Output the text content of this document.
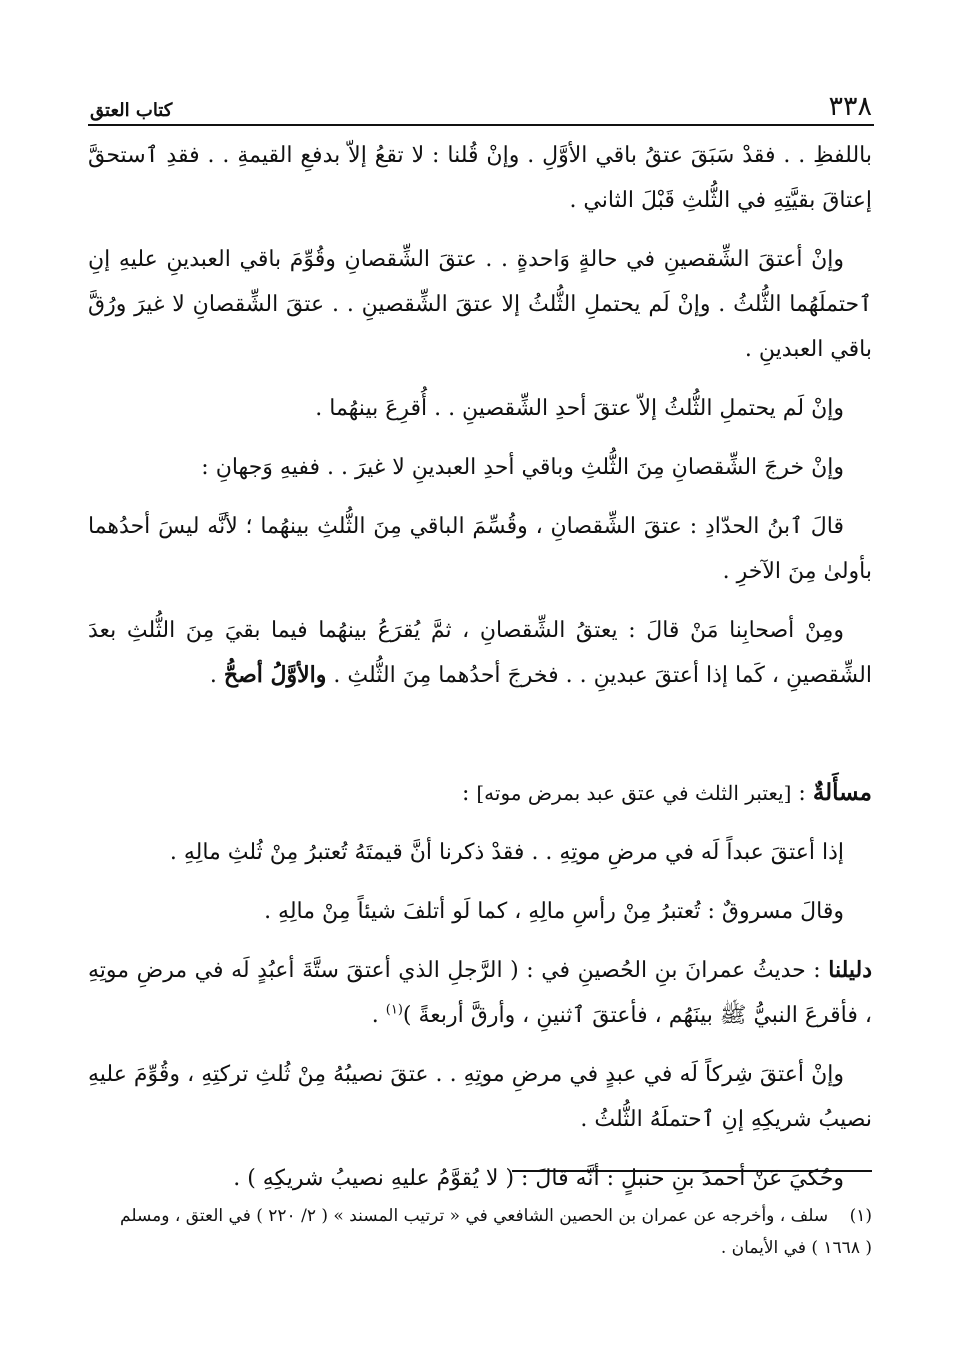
٣٣٨
كتاب العتق

باللفظِ . . فقدْ سَبَقَ عتقُ باقي الأوَّلِ . وإنْ قُلنا : لا تقعُ إلاّ بدفعِ القيمةِ . . فقدِ ٱستحقَّ إعتاقَ بقيَّتِهِ في الثُّلثِ قَبْلَ الثاني .

وإنْ أعتقَ الشِّقصينِ في حالةٍ وَاحدةٍ . . عتقَ الشِّقصانِ وقُوِّمَ باقي العبدينِ عليهِ إنِ ٱحتملَهُما الثُّلثُ . وإنْ لَم يحتملِ الثُّلثُ إلا عتقَ الشِّقصينِ . . عتقَ الشِّقصانِ لا غيرَ ورُقَّ باقي العبدينِ .

وإنْ لَم يحتملِ الثُّلثُ إلاّ عتقَ أحدِ الشِّقصينِ . . أُقرِعَ بينهُما .

وإنْ خرجَ الشِّقصانِ مِنَ الثُّلثِ وباقي أحدِ العبدينِ لا غيرَ . . ففيهِ وَجهانِ :

قالَ ٱبنُ الحدّادِ : عتقَ الشِّقصانِ ، وقُسِّمَ الباقي مِنَ الثُّلثِ بينهُما ؛ لأنَّه ليسَ أحدُهما بأولىٰ مِنَ الآخرِ .

ومِنْ أصحابِنا مَنْ قالَ : يعتقُ الشِّقصانِ ، ثمَّ يُقرَعُ بينهُما فيما بقيَ مِنَ الثُّلثِ بعدَ الشِّقصينِ ، كَما إذا أعتقَ عبدينِ . . فخرجَ أحدُهما مِنَ الثُّلثِ . والأوَّلُ أصحُّ .

مسأَلةٌ : [يعتبر الثلث في عتق عبد بمرض موته] :

إذا أعتقَ عبداً لَه في مرضِ موتِهِ . . فقدْ ذكرنا أنَّ قيمتَهُ تُعتبرُ مِنْ ثُلثِ مالِهِ .

وقالَ مسروقٌ : تُعتبرُ مِنْ رأسِ مالِهِ ، كما لَو أتلفَ شيئاً مِنْ مالِهِ .

دليلنا : حديثُ عمرانَ بنِ الحُصينِ في : ( الرَّجلِ الذي أعتقَ ستَّةَ أعبُدٍ لَه في مرضِ موتِهِ ، فأقرعَ النبيُّ ﷺ بينَهُم ، فأعتقَ ٱثنينِ ، وأرقَّ أربعةً )$^{(١)}$ .

وإنْ أعتقَ شِركاً لَه في عبدٍ في مرضِ موتِهِ . . عتقَ نصيبُهُ مِنْ ثُلثِ تركتِهِ ، وقُوِّمَ عليهِ نصيبُ شريكِهِ إنِ ٱحتملَهُ الثُّلثُ .

وحُكيَ عَنْ أحمدَ بنِ حنبلٍ : أنَّه قالَ : ( لا يُقوَّمُ عليهِ نصيبُ شريكِهِ ) .

(١) سلف ، وأخرجه عن عمران بن الحصين الشافعي في « ترتيب المسند » ( ٢/ ٢٢٠ ) في العتق ، ومسلم ( ١٦٦٨ ) في الأيمان .
